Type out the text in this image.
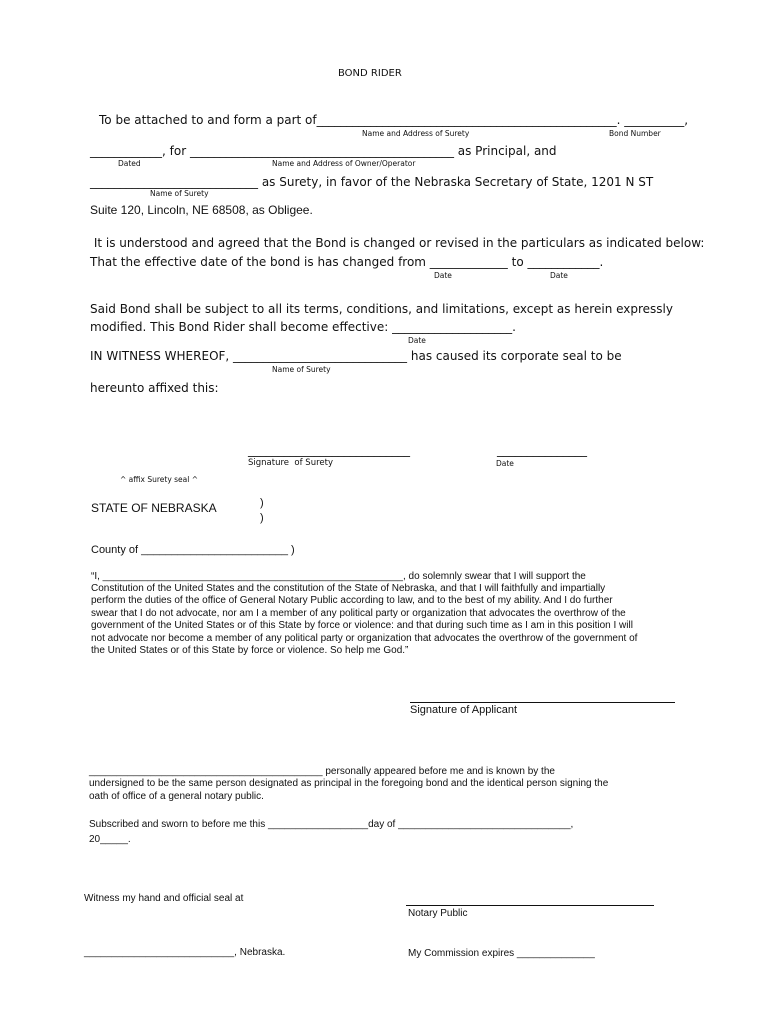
BOND RIDER
To be attached to and form a part of__________________________________________________. __________,
Name and Address of Surety	Bond Number
____________, for ____________________________________________ as Principal, and
Dated	Name and Address of Owner/Operator
____________________________ as Surety, in favor of the Nebraska Secretary of State, 1201 N ST
Name of Surety
Suite 120, Lincoln, NE 68508, as Obligee.
It is understood and agreed that the Bond is changed or revised in the particulars as indicated below:
That the effective date of the bond is has changed from _____________ to ____________.
Date	Date
Said Bond shall be subject to all its terms, conditions, and limitations, except as herein expressly
modified. This Bond Rider shall become effective: ____________________.
Date
IN WITNESS WHEREOF, _____________________________ has caused its corporate seal to be
Name of Surety
hereunto affixed this:
___________________________	_______________
Signature  of Surety	Date
^ affix Surety seal ^
STATE OF NEBRASKA	)
)
County of ________________________ )
“I, ______________________________________________________, do solemnly swear that I will support the
Constitution of the United States and the constitution of the State of Nebraska, and that I will faithfully and impartially
perform the duties of the office of General Notary Public according to law, and to the best of my ability. And I do further
swear that I do not advocate, nor am I a member of any political party or organization that advocates the overthrow of the
government of the United States or of this State by force or violence: and that during such time as I am in this position I will
not advocate nor become a member of any political party or organization that advocates the overthrow of the government of
the United States or of this State by force or violence. So help me God.”
Signature of Applicant
__________________________________________ personally appeared before me and is known by the
undersigned to be the same person designated as principal in the foregoing bond and the identical person signing the
oath of office of a general notary public.
Subscribed and sworn to before me this __________________day of _______________________________,
20_____.
Witness my hand and official seal at
Notary Public
___________________________, Nebraska.	My Commission expires ______________
